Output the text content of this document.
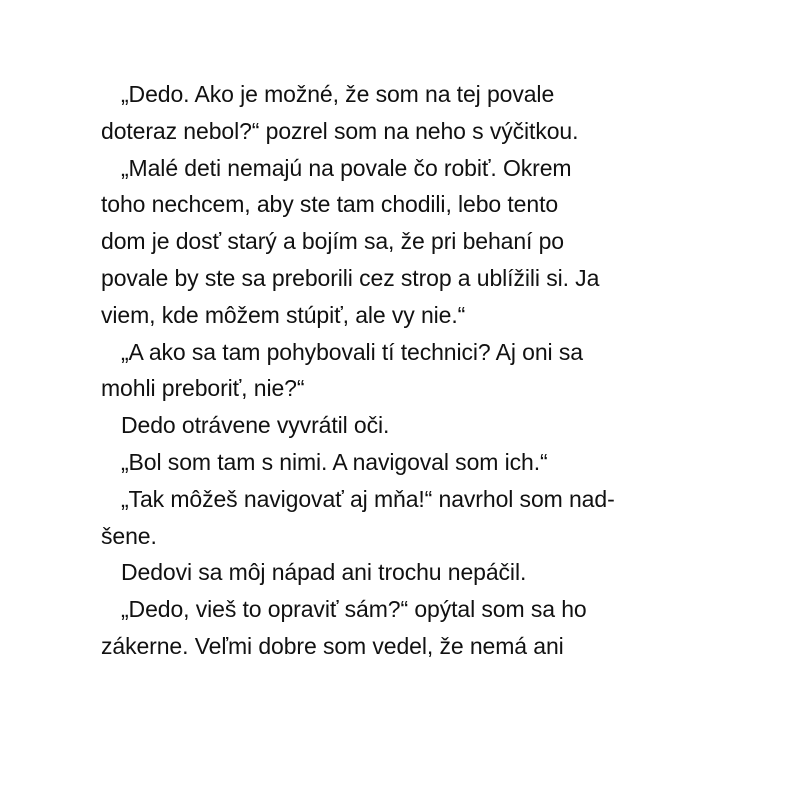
„Dedo. Ako je možné, že som na tej povale
doteraz nebol?“ pozrel som na neho s výčitkou.
„Malé deti nemajú na povale čo robiť. Okrem
toho nechcem, aby ste tam chodili, lebo tento
dom je dosť starý a bojím sa, že pri behaní po
povale by ste sa preborili cez strop a ublížili si. Ja
viem, kde môžem stúpiť, ale vy nie.“
„A ako sa tam pohybovali tí technici? Aj oni sa
mohli preboriť, nie?“
Dedo otrávene vyvrátil oči.
„Bol som tam s nimi. A navigoval som ich.“
„Tak môžeš navigovať aj mňa!“ navrhol som nad-
šene.
Dedovi sa môj nápad ani trochu nepáčil.
„Dedo, vieš to opraviť sám?“ opýtal som sa ho
zákerne. Veľmi dobre som vedel, že nemá ani
